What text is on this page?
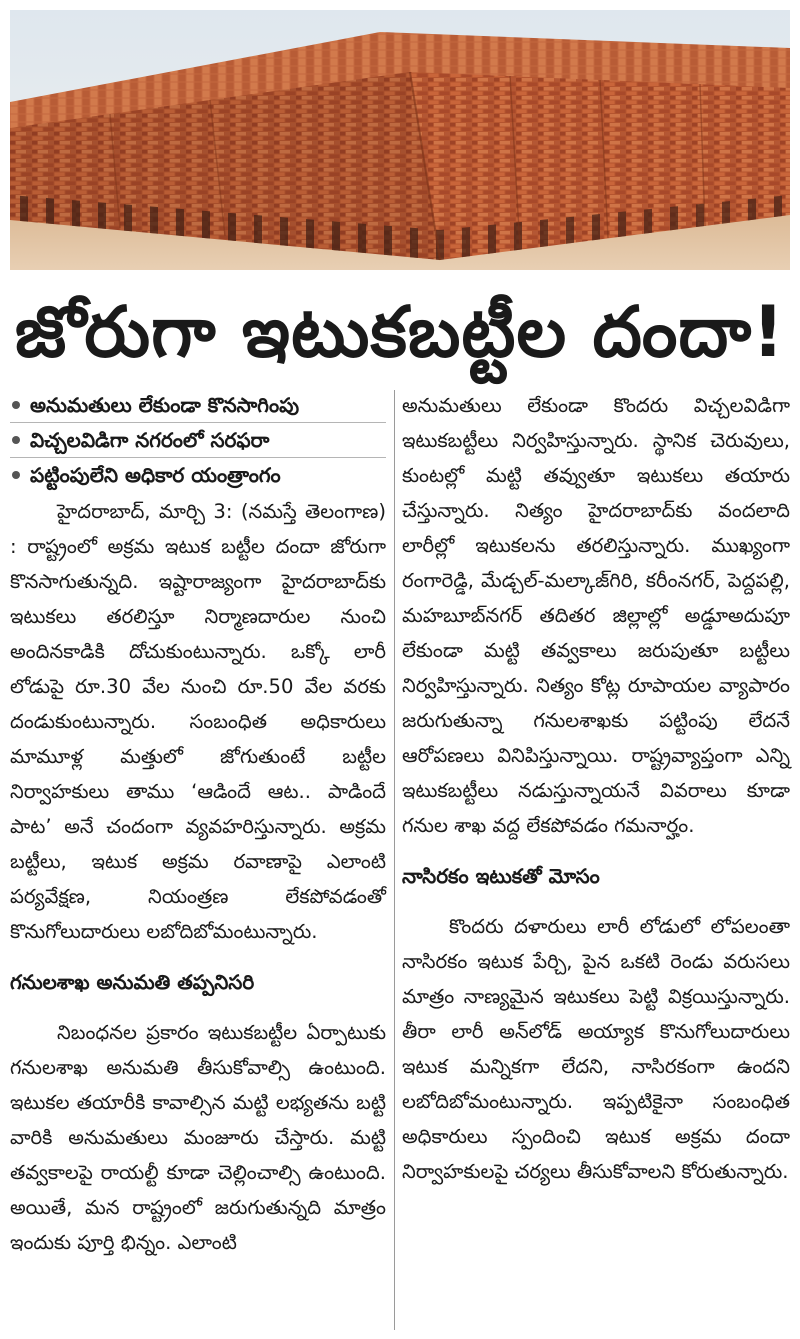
జోరుగా ఇటుకబట్టీల దందా!
అనుమతులు లేకుండా కొనసాగింపు
విచ్చలవిడిగా నగరంలో సరఫరా
పట్టింపులేని అధికార యంత్రాంగం

హైదరాబాద్, మార్చి 3: (నమస్తే తెలంగాణ) : రాష్ట్రంలో అక్రమ ఇటుక బట్టీల దందా జోరుగా కొనసాగుతున్నది. ఇష్టారాజ్యంగా హైదరాబాద్‌కు ఇటుకలు తరలిస్తూ నిర్మాణదారుల నుంచి అందినకాడికి దోచుకుంటున్నారు. ఒక్కో లారీ లోడుపై రూ.30 వేల నుంచి రూ.50 వేల వరకు దండుకుంటున్నారు. సంబంధిత అధికారులు మామూళ్ల మత్తులో జోగుతుంటే బట్టీల నిర్వాహకులు తాము ‘ఆడిందే ఆట.. పాడిందే పాట’ అనే చందంగా వ్యవహరిస్తున్నారు. అక్రమ బట్టీలు, ఇటుక అక్రమ రవాణాపై ఎలాంటి పర్యవేక్షణ, నియంత్రణ లేకపోవడంతో కొనుగోలుదారులు లబోదిబోమంటున్నారు.

గనులశాఖ అనుమతి తప్పనిసరి

నిబంధనల ప్రకారం ఇటుకబట్టీల ఏర్పాటుకు గనులశాఖ అనుమతి తీసుకోవాల్సి ఉంటుంది. ఇటుకల తయారీకి కావాల్సిన మట్టి లభ్యతను బట్టి వారికి అనుమతులు మంజూరు చేస్తారు. మట్టి తవ్వకాలపై రాయల్టీ కూడా చెల్లించాల్సి ఉంటుంది. అయితే, మన రాష్ట్రంలో జరుగుతున్నది మాత్రం ఇందుకు పూర్తి భిన్నం. ఎలాంటి

అనుమతులు లేకుండా కొందరు విచ్చలవిడిగా ఇటుకబట్టీలు నిర్వహిస్తున్నారు. స్థానిక చెరువులు, కుంటల్లో మట్టి తవ్వుతూ ఇటుకలు తయారు చేస్తున్నారు. నిత్యం హైదరాబాద్‌కు వందలాది లారీల్లో ఇటుకలను తరలిస్తున్నారు. ముఖ్యంగా రంగారెడ్డి, మేడ్చల్-మల్కాజ్‌గిరి, కరీంనగర్, పెద్దపల్లి, మహబూబ్‌నగర్ తదితర జిల్లాల్లో అడ్డూఅదుపూ లేకుండా మట్టి తవ్వకాలు జరుపుతూ బట్టీలు నిర్వహిస్తున్నారు. నిత్యం కోట్ల రూపాయల వ్యాపారం జరుగుతున్నా గనులశాఖకు పట్టింపు లేదనే ఆరోపణలు వినిపిస్తున్నాయి. రాష్ట్రవ్యాప్తంగా ఎన్ని ఇటుకబట్టీలు నడుస్తున్నాయనే వివరాలు కూడా గనుల శాఖ వద్ద లేకపోవడం గమనార్హం.

నాసిరకం ఇటుకతో మోసం

కొందరు దళారులు లారీ లోడులో లోపలంతా నాసిరకం ఇటుక పేర్చి, పైన ఒకటి రెండు వరుసలు మాత్రం నాణ్యమైన ఇటుకలు పెట్టి విక్రయిస్తున్నారు. తీరా లారీ అన్‌లోడ్ అయ్యాక కొనుగోలుదారులు ఇటుక మన్నికగా లేదని, నాసిరకంగా ఉందని లబోదిబోమంటున్నారు. ఇప్పటికైనా సంబంధిత అధికారులు స్పందించి ఇటుక అక్రమ దందా నిర్వాహకులపై చర్యలు తీసుకోవాలని కోరుతున్నారు.
